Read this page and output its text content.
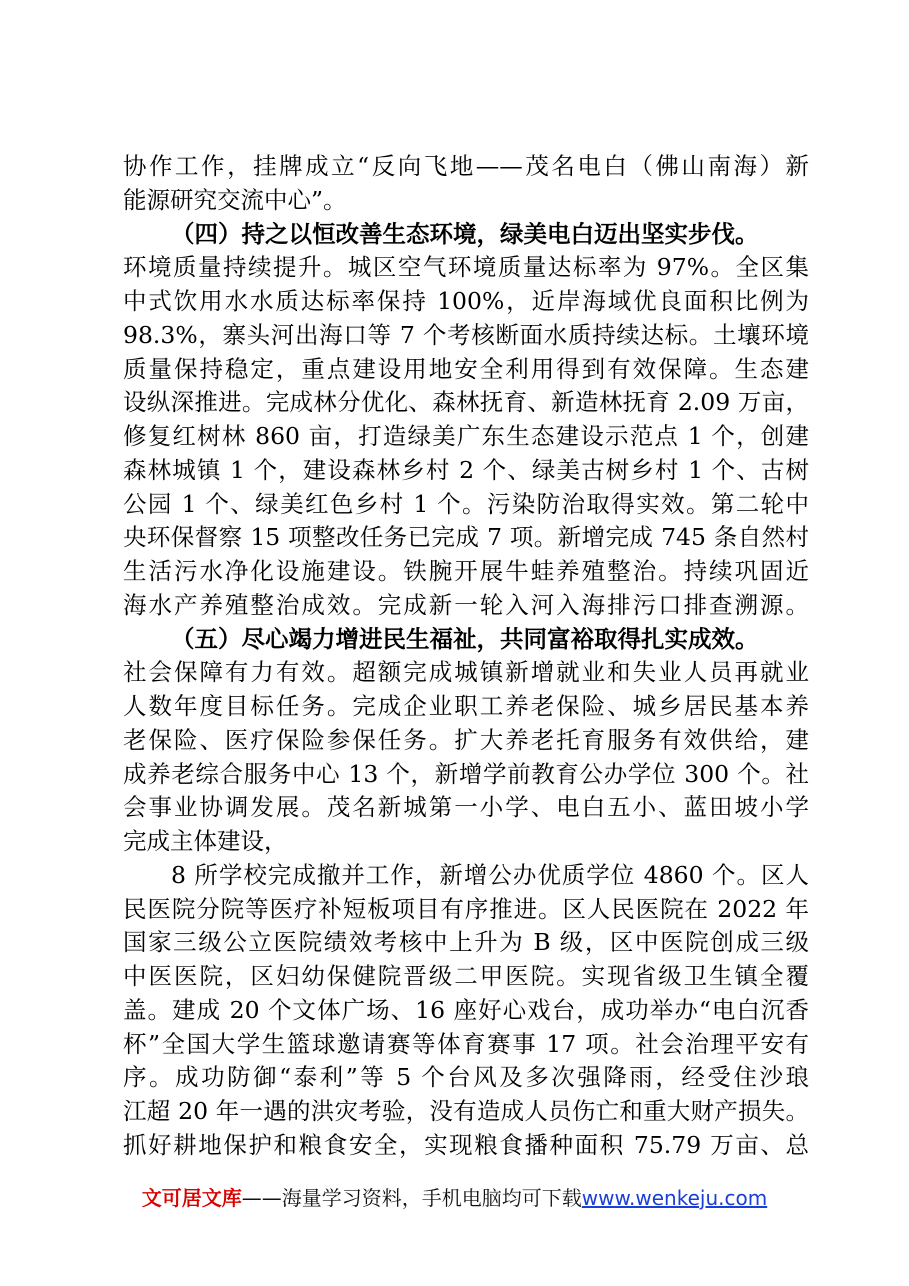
协作工作，挂牌成立“反向飞地——茂名电白（佛山南海）新
能源研究交流中心”。
（四）持之以恒改善生态环境，绿美电白迈出坚实步伐。
环境质量持续提升。城区空气环境质量达标率为 97%。全区集
中式饮用水水质达标率保持 100%，近岸海域优良面积比例为
98.3%，寨头河出海口等 7 个考核断面水质持续达标。土壤环境
质量保持稳定，重点建设用地安全利用得到有效保障。生态建
设纵深推进。完成林分优化、森林抚育、新造林抚育 2.09 万亩，
修复红树林 860 亩，打造绿美广东生态建设示范点 1 个，创建
森林城镇 1 个，建设森林乡村 2 个、绿美古树乡村 1 个、古树
公园 1 个、绿美红色乡村 1 个。污染防治取得实效。第二轮中
央环保督察 15 项整改任务已完成 7 项。新增完成 745 条自然村
生活污水净化设施建设。铁腕开展牛蛙养殖整治。持续巩固近
海水产养殖整治成效。完成新一轮入河入海排污口排查溯源。
（五）尽心竭力增进民生福祉，共同富裕取得扎实成效。
社会保障有力有效。超额完成城镇新增就业和失业人员再就业
人数年度目标任务。完成企业职工养老保险、城乡居民基本养
老保险、医疗保险参保任务。扩大养老托育服务有效供给，建
成养老综合服务中心 13 个，新增学前教育公办学位 300 个。社
会事业协调发展。茂名新城第一小学、电白五小、蓝田坡小学
完成主体建设，
8 所学校完成撤并工作，新增公办优质学位 4860 个。区人
民医院分院等医疗补短板项目有序推进。区人民医院在 2022 年
国家三级公立医院绩效考核中上升为 B 级，区中医院创成三级
中医医院，区妇幼保健院晋级二甲医院。实现省级卫生镇全覆
盖。建成 20 个文体广场、16 座好心戏台，成功举办“电白沉香
杯”全国大学生篮球邀请赛等体育赛事 17 项。社会治理平安有
序。成功防御“泰利”等 5 个台风及多次强降雨，经受住沙琅
江超 20 年一遇的洪灾考验，没有造成人员伤亡和重大财产损失。
抓好耕地保护和粮食安全，实现粮食播种面积 75.79 万亩、总
文可居文库——海量学习资料，手机电脑均可下载www.wenkeju.com
